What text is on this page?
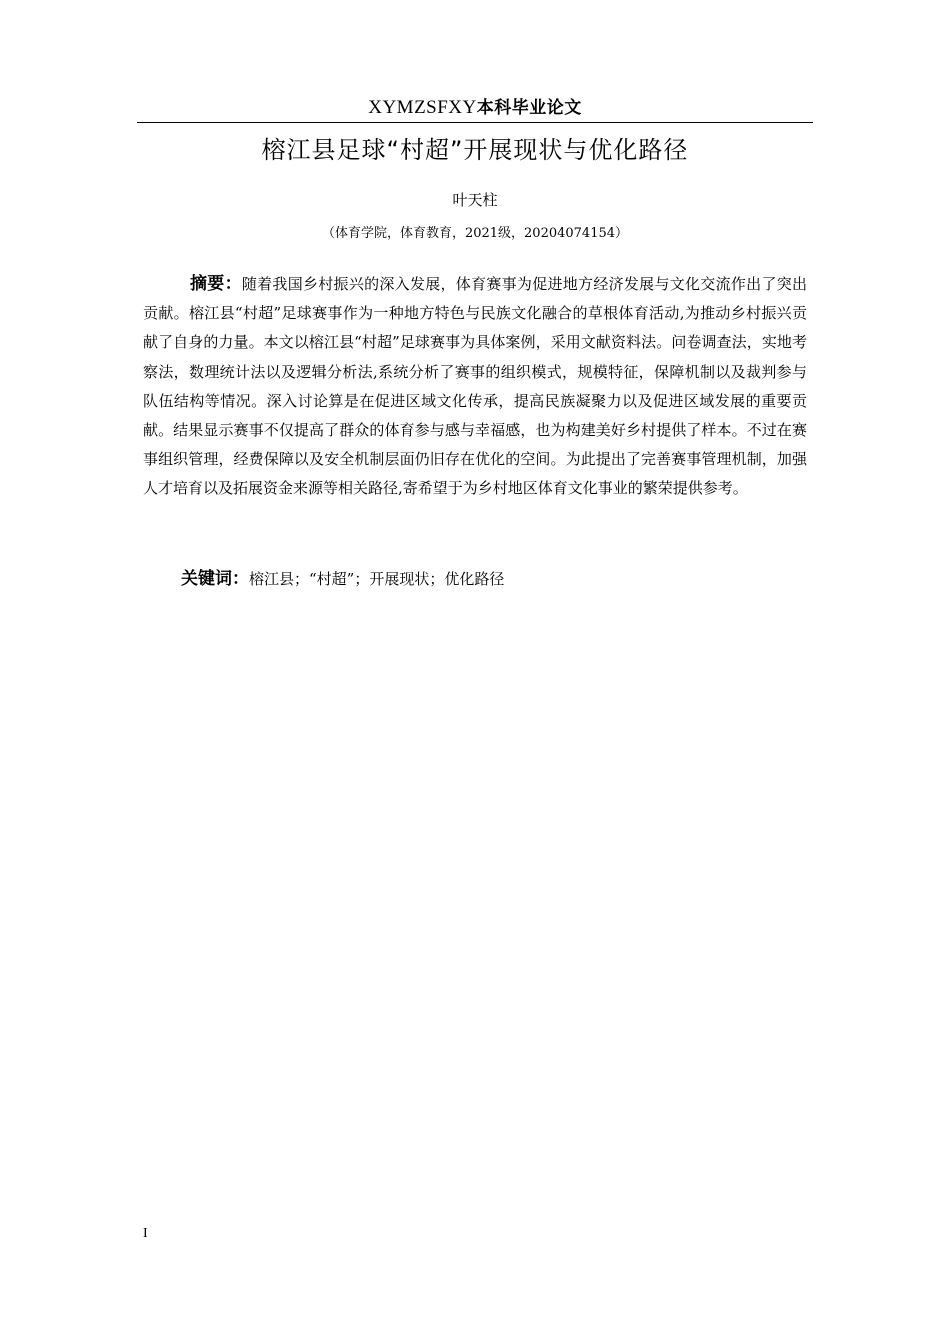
XYMZSFXY本科毕业论文
榕江县足球“村超”开展现状与优化路径
叶天柱
（体育学院，体育教育，2021级，20204074154）

摘要：随着我国乡村振兴的深入发展，体育赛事为促进地方经济发展与文化交流作出了突出贡献。榕江县“村超”足球赛事作为一种地方特色与民族文化融合的草根体育活动,为推动乡村振兴贡献了自身的力量。本文以榕江县“村超”足球赛事为具体案例，采用文献资料法。问卷调查法，实地考察法，数理统计法以及逻辑分析法,系统分析了赛事的组织模式，规模特征，保障机制以及裁判参与队伍结构等情况。深入讨论算是在促进区域文化传承，提高民族凝聚力以及促进区域发展的重要贡献。结果显示赛事不仅提高了群众的体育参与感与幸福感，也为构建美好乡村提供了样本。不过在赛事组织管理，经费保障以及安全机制层面仍旧存在优化的空间。为此提出了完善赛事管理机制，加强人才培育以及拓展资金来源等相关路径,寄希望于为乡村地区体育文化事业的繁荣提供参考。

关键词：榕江县；“村超”；开展现状；优化路径

I
